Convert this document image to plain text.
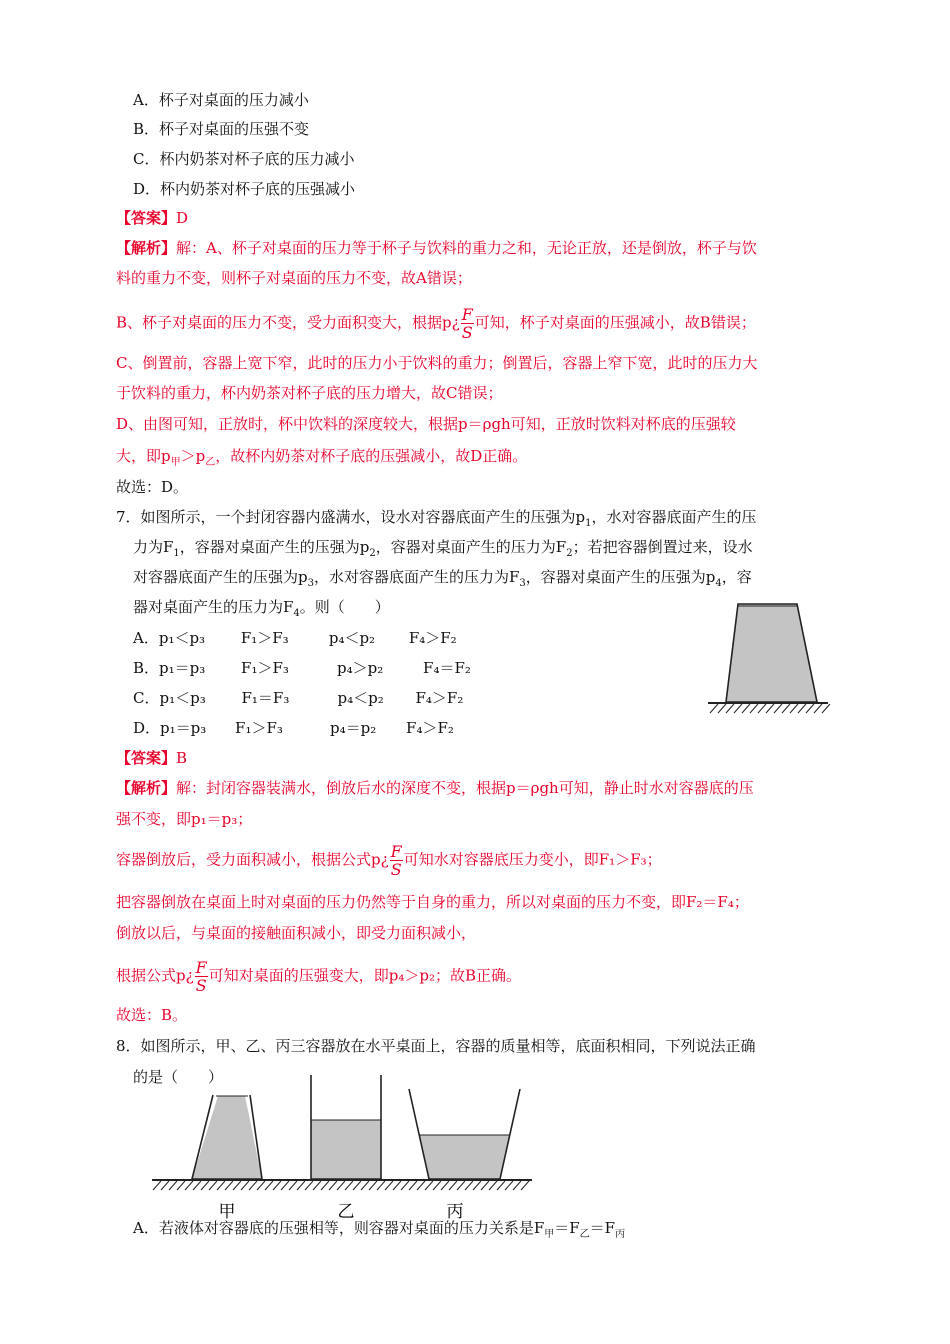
A．杯子对桌面的压力减小
B．杯子对桌面的压强不变
C．杯内奶茶对杯子底的压力减小
D．杯内奶茶对杯子底的压强减小
【答案】D
【解析】解：A、杯子对桌面的压力等于杯子与饮料的重力之和，无论正放，还是倒放，杯子与饮
料的重力不变，则杯子对桌面的压力不变，故A错误；
B、杯子对桌面的压力不变，受力面积变大，根据p¿ $\frac{F}{S}$ 可知，杯子对桌面的压强减小，故B错误；
C、倒置前，容器上宽下窄，此时的压力小于饮料的重力；倒置后，容器上窄下宽，此时的压力大
于饮料的重力，杯内奶茶对杯子底的压力增大，故C错误；
D、由图可知，正放时，杯中饮料的深度较大，根据p＝ρgh可知，正放时饮料对杯底的压强较
大，即$p_甲>p_乙$，故杯内奶茶对杯子底的压强减小，故D正确。
故选：D。
7．如图所示，一个封闭容器内盛满水，设水对容器底面产生的压强为$p_1$，水对容器底面产生的压
力为$F_1$，容器对桌面产生的压强为$p_2$，容器对桌面产生的压力为$F_2$；若把容器倒置过来，设水
对容器底面产生的压强为$p_3$，水对容器底面产生的压力为$F_3$，容器对桌面产生的压强为$p_4$，容
器对桌面产生的压力为$F_4$。则（　　）
A．p₁＜p₃ F₁＞F₃	p₄＜p₂ F₄＞F₂
B．p₁＝p₃ F₁＞F₃	p₄＞p₂	F₄＝F₂
C．p₁＜p₃ F₁＝F₃	p₄＜p₂ F₄＞F₂
D．p₁＝p₃ F₁＞F₃	p₄＝p₂ F₄＞F₂
【答案】B
【解析】解：封闭容器装满水，倒放后水的深度不变，根据p＝ρgh可知，静止时水对容器底的压
强不变，即p₁＝p₃；
容器倒放后，受力面积减小，根据公式p¿ $\frac{F}{S}$ 可知水对容器底压力变小，即F₁＞F₃；
把容器倒放在桌面上时对桌面的压力仍然等于自身的重力，所以对桌面的压力不变，即F₂＝F₄；
倒放以后，与桌面的接触面积减小，即受力面积减小，
根据公式p¿ $\frac{F}{S}$ 可知对桌面的压强变大，即p₄＞p₂；故B正确。
故选：B。
8．如图所示，甲、乙、丙三容器放在水平桌面上，容器的质量相等，底面积相同，下列说法正确
的是（　　）
甲	乙	丙
A．若液体对容器底的压强相等，则容器对桌面的压力关系是$F_甲=F_乙=F_丙$
